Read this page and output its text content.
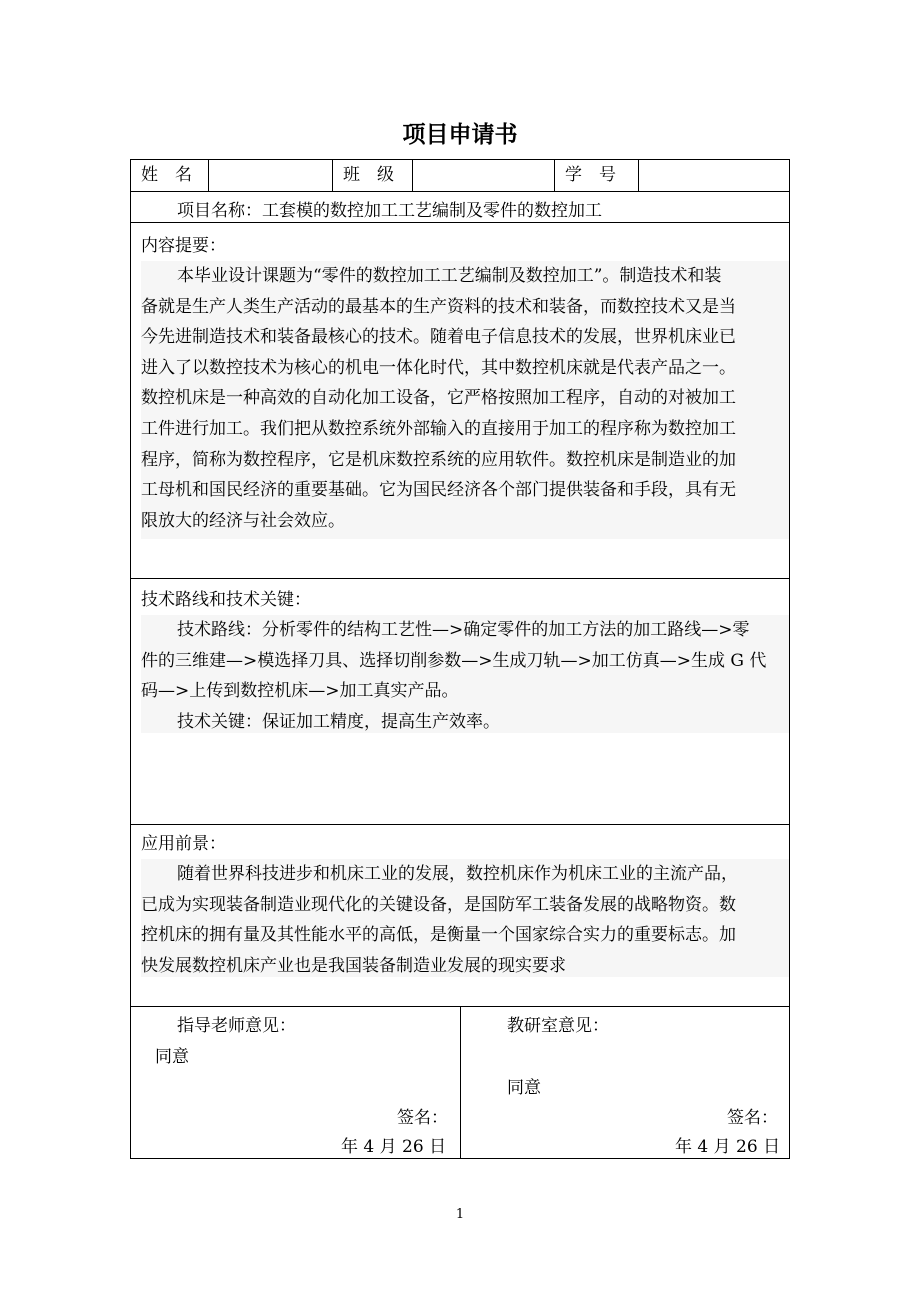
项目申请书
姓　名	班　级	学　号
项目名称：工套模的数控加工工艺编制及零件的数控加工
内容提要：
本毕业设计课题为“零件的数控加工工艺编制及数控加工”。制造技术和装
备就是生产人类生产活动的最基本的生产资料的技术和装备，而数控技术又是当
今先进制造技术和装备最核心的技术。随着电子信息技术的发展，世界机床业已
进入了以数控技术为核心的机电一体化时代，其中数控机床就是代表产品之一。
数控机床是一种高效的自动化加工设备，它严格按照加工程序，自动的对被加工
工件进行加工。我们把从数控系统外部输入的直接用于加工的程序称为数控加工
程序，简称为数控程序，它是机床数控系统的应用软件。数控机床是制造业的加
工母机和国民经济的重要基础。它为国民经济各个部门提供装备和手段，具有无
限放大的经济与社会效应。
技术路线和技术关键：
技术路线：分析零件的结构工艺性—>确定零件的加工方法的加工路线—>零
件的三维建—>模选择刀具、选择切削参数—>生成刀轨—>加工仿真—>生成 G 代
码—>上传到数控机床—>加工真实产品。
技术关键：保证加工精度，提高生产效率。
应用前景：
随着世界科技进步和机床工业的发展，数控机床作为机床工业的主流产品，
已成为实现装备制造业现代化的关键设备，是国防军工装备发展的战略物资。数
控机床的拥有量及其性能水平的高低，是衡量一个国家综合实力的重要标志。加
快发展数控机床产业也是我国装备制造业发展的现实要求
指导老师意见：
同意
签名：
年 4 月 26 日
教研室意见：
同意
签名：
年 4 月 26 日
1
